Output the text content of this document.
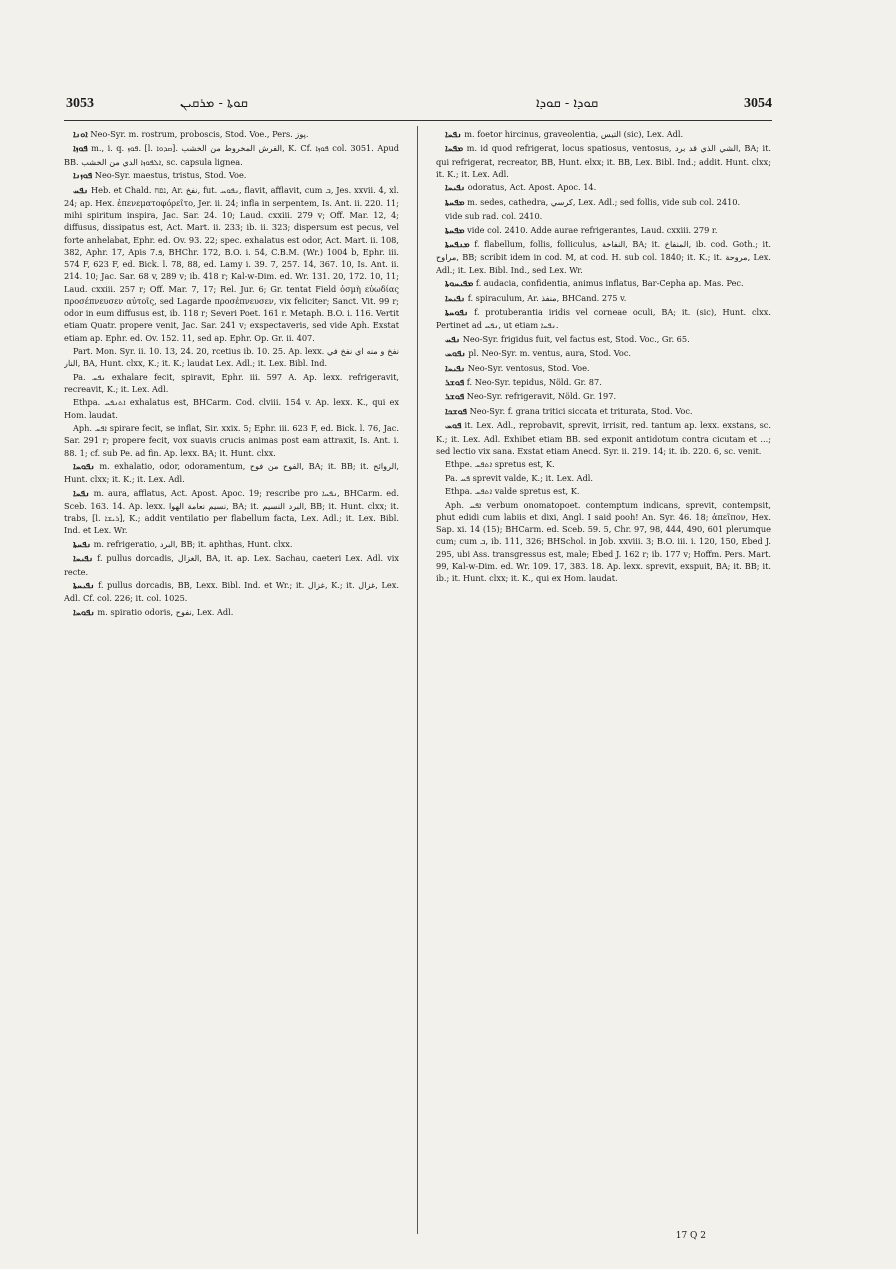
3053	ܩܘܬܐ - ܡܪܩܝܢ	ܩܘܕܐ - ܩܘܕܐ	3054

ܐܘܢܐ Neo-Syr. m. rostrum, proboscis, Stod. Voe., Pers. پوز.

ܦܘܙܐ m., i. q. ܦܘܙ. [l. ܩܕܘܐ]. الفرش المخروط من الخشب, K. Cf. ܦܘܙܐ col. 3051. Apud BB. ܐܠܦܘܙܐ الدي من الخشب, sc. capsula lignea.

ܦܘܙܢܐ Neo-Syr. maestus, tristus, Stod. Voe.

ܢܦܚ Heb. et Chald. נפח, Ar. نفخ, fut. ܢܦܘܚ, flavit, afflavit, cum ܒ, Jes. xxvii. 4, xl. 24; ap. Hex. ἐπενεματοφόρεῖτο, Jer. ii. 24; infla in serpentem, Is. Ant. ii. 220. 11; mihi spiritum inspira, Jac. Sar. 24. 10; Laud. cxxiii. 279 v; Off. Mar. 12, 4; diffusus, dissipatus est, Act. Mart. ii. 233; ib. ii. 323; dispersum est pecus, vel forte anhelabat, Ephr. ed. Ov. 93. 22; spec. exhalatus est odor, Act. Mart. ii. 108, 382, Aphr. 17, Apis ܦ.7, BHChr. 172, B.O. i. 54, C.B.M. (Wr.) 1004 b, Ephr. iii. 574 F, 623 F, ed. Bick. l. 78, 88, ed. Lamy i. 39. 7, 257. 14, 367. 10, Is. Ant. ii. 214. 10; Jac. Sar. 68 v, 289 v; ib. 418 r; Kal-w-Dim. ed. Wr. 131. 20, 172. 10, 11; Laud. cxxiii. 257 r; Off. Mar. 7, 17; Rel. Jur. 6; Gr. tentat Field ὀσμὴ εὐωδίας προσέπνευσεν αὐτοῖς, sed Lagarde προσέπνευσεν, vix feliciter; Sanct. Vit. 99 r; odor in eum diffusus est, ib. 118 r; Severi Poet. 161 r. Metaph. B.O. i. 116. Vertit etiam Quatr. propere venit, Jac. Sar. 241 v; exspectaveris, sed vide Aph. Exstat etiam ap. Ephr. ed. Ov. 152. 11, sed ap. Ephr. Op. Gr. ii. 407.

Part. Mon. Syr. ii. 10. 13, 24. 20, rcetius ib. 10. 25. Ap. lexx. نفخ و منه اي نفخ في النار, BA, Hunt. clxx, K.; it. K.; laudat Lex. Adl.; it. Lex. Bibl. Ind.

Pa. ܢܦܚ exhalare fecit, spiravit, Ephr. iii. 597 A. Ap. lexx. refrigeravit, recreavit, K.; it. Lex. Adl.

Ethpa. ܐܬܢܦܚ exhalatus est, BHCarm. Cod. clviii. 154 v. Ap. lexx. K., qui ex Hom. laudat.

Aph. ܐܦܚ spirare fecit, se inflat, Sir. xxix. 5; Ephr. iii. 623 F, ed. Bick. l. 76, Jac. Sar. 291 r; propere fecit, vox suavis crucis animas post eam attraxit, Is. Ant. i. 88. 1; cf. sub Pe. ad fin. Ap. lexx. BA; it. Hunt. clxx.

ܢܦܘܚܐ m. exhalatio, odor, odoramentum, الفوح من فوح, BA; it. BB; it. الروائح, Hunt. clxx; it. K.; it. Lex. Adl.

ܢܦܚܐ m. aura, afflatus, Act. Apost. Apoc. 19; rescribe pro ܢܦܚܐ, BHCarm. ed. Sceb. 163. 14. Ap. lexx. نسيم نعامة الهوا, BA; it. البرد النسيم, BB; it. Hunt. clxx; it. trabs, [l. ܪܝܫܐ], K.; addit ventilatio per flabellum facta, Lex. Adl.; it. Lex. Bibl. Ind. et Lex. Wr.

ܢܦܚܬܐ m. refrigeratio, البرد, BB; it. aphthas, Hunt. clxx.

ܢܦܝܚܐ f. pullus dorcadis, الغزال, BA, it. ap. Lex. Sachau, caeteri Lex. Adl. vix recte.

ܢܦܝܚܬܐ f. pullus dorcadis, BB, Lexx. Bibl. Ind. et Wr.; it. غزال, K.; it. غزال, Lex. Adl. Cf. col. 226; it. col. 1025.

ܢܦܘܚܐ m. spiratio odoris, نفوح, Lex. Adl.

ܢܦܚܐ m. foetor hircinus, graveolentia, التيس (sic), Lex. Adl.

ܡܦܚܐ m. id quod refrigerat, locus spatiosus, ventosus, الشي الذي قد برد, BA; it. qui refrigerat, recreator, BB, Hunt. elxx; it. BB, Lex. Bibl. Ind.; addit. Hunt. clxx; it. K.; it. Lex. Adl.

ܢܦܝܚܐ odoratus, Act. Apost. Apoc. 14.

ܡܦܚܬܐ m. sedes, cathedra, كرسي, Lex. Adl.; sed follis, vide sub col. 2410.

vide sub rad. col. 2410.

ܡܦܚܬܐ vide col. 2410. Adde aurae refrigerantes, Laud. cxxiii. 279 r.

ܡܢܦܚܬܐ f. flabellum, follis, folliculus, النفاخة, BA; it. المنفاخ, ib. cod. Goth.; it. مراوح, BB; scribit idem in cod. M, at cod. H. sub col. 1840; it. K.; it. مروحة, Lex. Adl.; it. Lex. Bibl. Ind., sed Lex. Wr.

ܡܦܝܚܘܬܐ f. audacia, confidentia, animus inflatus, Bar-Cepha ap. Mas. Pec.

ܢܦܝܚܐ f. spiraculum, Ar. منفذ, BHCand. 275 v.

ܢܦܘܚܬܐ f. protuberantia iridis vel corneae oculi, BA; it. (sic), Hunt. clxx. Pertinet ad ܢܦܚ, ut etiam ܢܦܚܐ.

ܢܦܚ Neo-Syr. frigidus fuit, vel factus est, Stod. Voc., Gr. 65.

ܢܦܘܚ pl. Neo-Syr. m. ventus, aura, Stod. Voc.

ܢܦܝܚܐ Neo-Syr. ventosus, Stod. Voe.

ܦܘܫܪ f. Neo-Syr. tepidus, Nöld. Gr. 87.

ܦܘܫܪ Neo-Syr. refrigeravit, Nöld. Gr. 197.

ܦܘܫܟܐ Neo-Syr. f. grana tritici siccata et triturata, Stod. Voc.

ܦܘܚ it. Lex. Adl., reprobavit, sprevit, irrisit, red. tantum ap. lexx. exstans, sc. K.; it. Lex. Adl. Exhibet etiam BB. sed exponit antidotum contra cicutam et ...; sed lectio vix sana. Exstat etiam Anecd. Syr. ii. 219. 14; it. ib. 220. 6, sc. venit.

Ethpe. ܐܬܦܚ spretus est, K.

Pa. ܦܚ sprevit valde, K.; it. Lex. Adl.

Ethpa. ܐܬܦܚ valde spretus est, K.

Aph. ܐܦܚ verbum onomatopoet. contemptum indicans, sprevit, contempsit, phut edidi cum labiis et dixi, Angl. I said pooh! An. Syr. 46. 18; ἀπεῖπον, Hex. Sap. xi. 14 (15); BHCarm. ed. Sceb. 59. 5, Chr. 97, 98, 444, 490, 601 plerumque cum; cum ܒ, ib. 111, 326; BHSchol. in Job. xxviii. 3; B.O. iii. i. 120, 150, Ebed J. 295, ubi Ass. transgressus est, male; Ebed J. 162 r; ib. 177 v; Hoffm. Pers. Mart. 99, Kal-w-Dim. ed. Wr. 109. 17, 383. 18. Ap. lexx. sprevit, exspuit, BA; it. BB; it. ib.; it. Hunt. clxx; it. K., qui ex Hom. laudat.

17 Q 2
